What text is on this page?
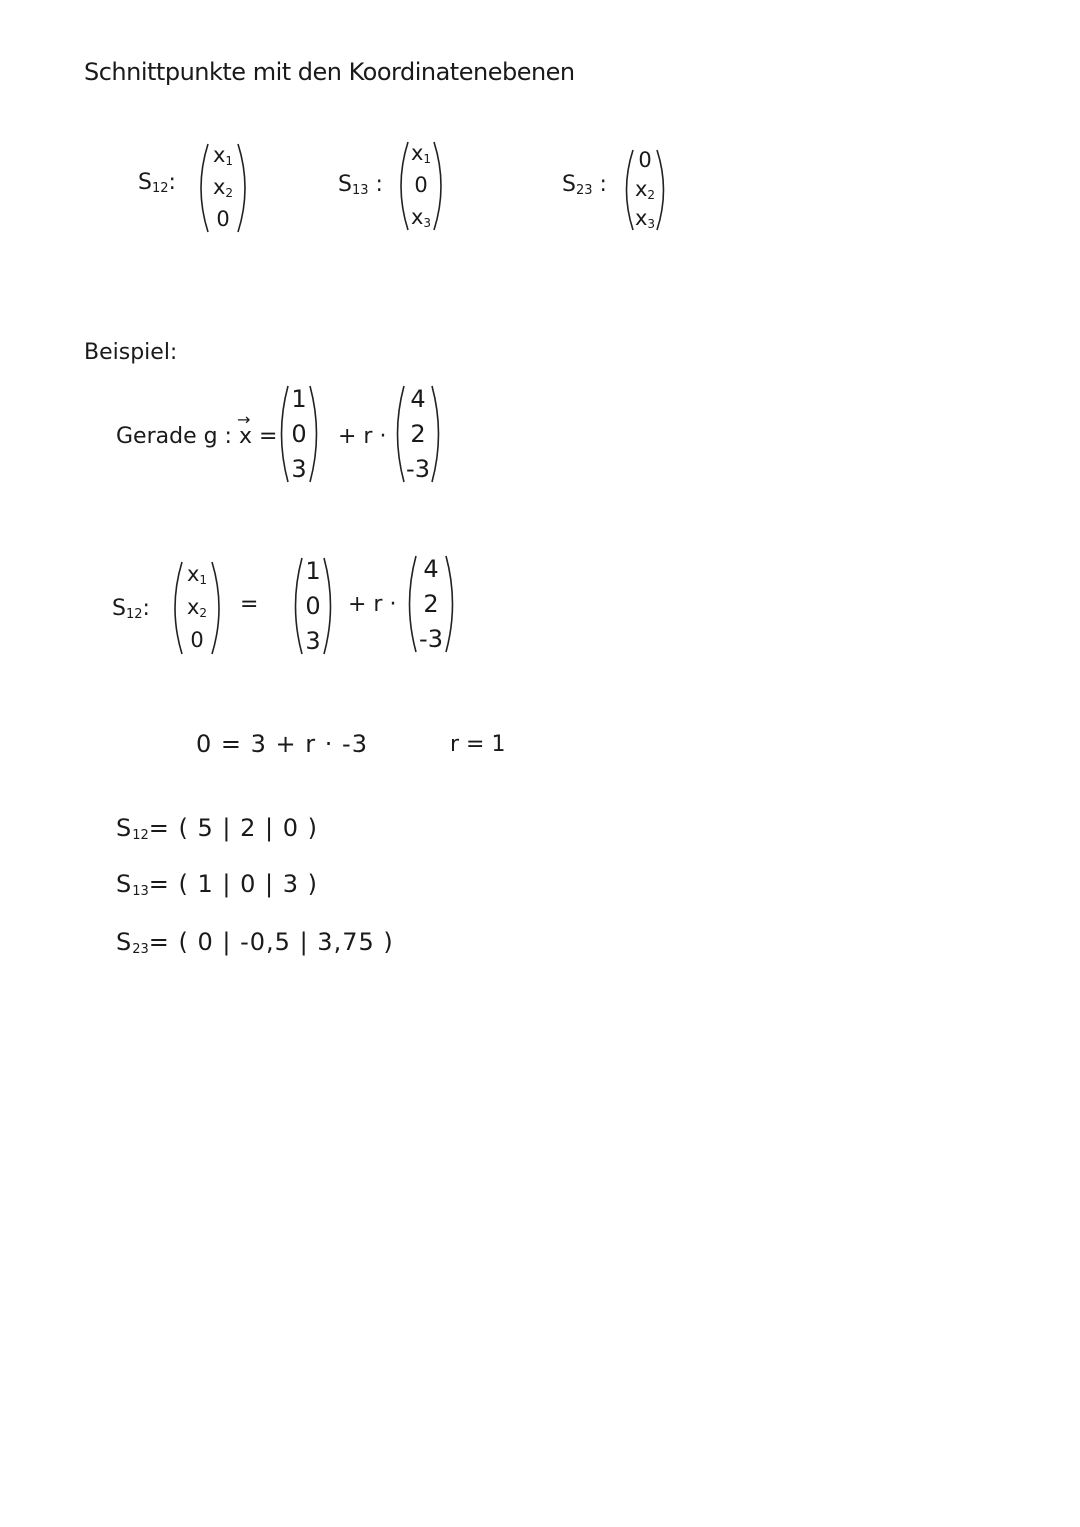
Schnittpunkte mit den Koordinatenebenen
$S_{12}$:
$x_1$
$x_2$
0
$S_{13}$ :
$x_1$
0
$x_3$
$S_{23}$ :
0
$x_2$
$x_3$
Beispiel:
Gerade g :
→
x =
1
0
3
+ r ·
4
2
-3
$S_{12}$:
$x_1$
$x_2$
0
=
1
0
3
+ r ·
4
2
-3
0 = 3 + r · -3	r = 1
$S_{12}=$ ( 5 | 2 | 0 )
$S_{13}=$ ( 1 | 0 | 3 )
$S_{23}=$ ( 0 | -0,5 | 3,75 )
